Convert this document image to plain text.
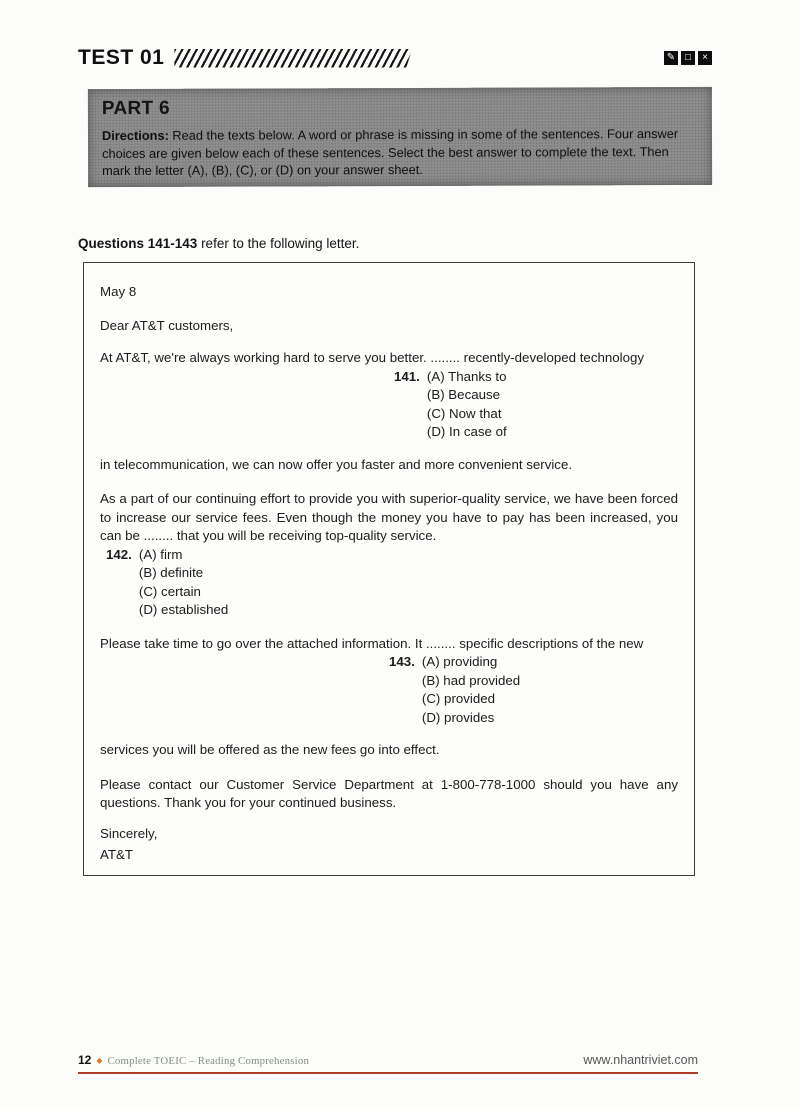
TEST 01	✎ □	×
PART 6

Directions: Read the texts below. A word or phrase is missing in some of the sentences. Four answer choices are given below each of these sentences. Select the best answer to complete the text. Then mark the letter (A), (B), (C), or (D) on your answer sheet.

Questions 141-143 refer to the following letter.

May 8

Dear AT&T customers,

At AT&T, we're always working hard to serve you better. ........ recently-developed technology

141. (A) Thanks to
(B) Because
(C) Now that
(D) In case of

in telecommunication, we can now offer you faster and more convenient service.

As a part of our continuing effort to provide you with superior-quality service, we have been forced to increase our service fees. Even though the money you have to pay has been increased, you can be ........ that you will be receiving top-quality service.

142. (A) firm
(B) definite
(C) certain
(D) established

Please take time to go over the attached information. It ........ specific descriptions of the new

143. (A) providing
(B) had provided
(C) provided
(D) provides

services you will be offered as the new fees go into effect.

Please contact our Customer Service Department at 1-800-778-1000 should you have any questions. Thank you for your continued business.

Sincerely,

AT&T

12 ◆ Complete TOEIC – Reading Comprehension	www.nhantriviet.com
